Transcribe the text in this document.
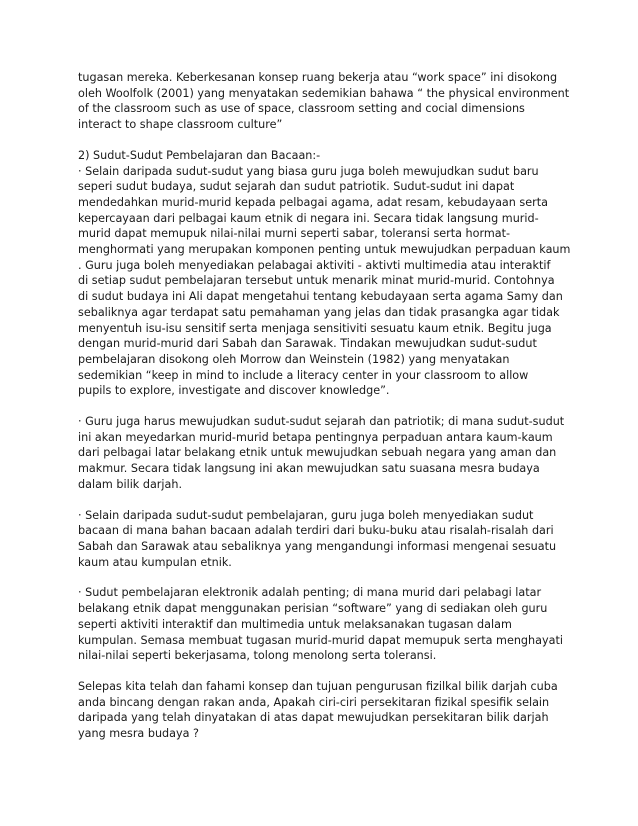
tugasan mereka. Keberkesanan konsep ruang bekerja atau “work space” ini disokong
oleh Woolfolk (2001) yang menyatakan sedemikian bahawa “ the physical environment
of the classroom such as use of space, classroom setting and cocial dimensions
interact to shape classroom culture”
2) Sudut-Sudut Pembelajaran dan Bacaan:-
· Selain daripada sudut-sudut yang biasa guru juga boleh mewujudkan sudut baru
seperi sudut budaya, sudut sejarah dan sudut patriotik. Sudut-sudut ini dapat
mendedahkan murid-murid kepada pelbagai agama, adat resam, kebudayaan serta
kepercayaan dari pelbagai kaum etnik di negara ini. Secara tidak langsung murid-
murid dapat memupuk nilai-nilai murni seperti sabar, toleransi serta hormat-
menghormati yang merupakan komponen penting untuk mewujudkan perpaduan kaum
. Guru juga boleh menyediakan pelabagai aktiviti - aktivti multimedia atau interaktif
di setiap sudut pembelajaran tersebut untuk menarik minat murid-murid. Contohnya
di sudut budaya ini Ali dapat mengetahui tentang kebudayaan serta agama Samy dan
sebaliknya agar terdapat satu pemahaman yang jelas dan tidak prasangka agar tidak
menyentuh isu-isu sensitif serta menjaga sensitiviti sesuatu kaum etnik. Begitu juga
dengan murid-murid dari Sabah dan Sarawak. Tindakan mewujudkan sudut-sudut
pembelajaran disokong oleh Morrow dan Weinstein (1982) yang menyatakan
sedemikian “keep in mind to include a literacy center in your classroom to allow
pupils to explore, investigate and discover knowledge”.
· Guru juga harus mewujudkan sudut-sudut sejarah dan patriotik; di mana sudut-sudut
ini akan meyedarkan murid-murid betapa pentingnya perpaduan antara kaum-kaum
dari pelbagai latar belakang etnik untuk mewujudkan sebuah negara yang aman dan
makmur. Secara tidak langsung ini akan mewujudkan satu suasana mesra budaya
dalam bilik darjah.
· Selain daripada sudut-sudut pembelajaran, guru juga boleh menyediakan sudut
bacaan di mana bahan bacaan adalah terdiri dari buku-buku atau risalah-risalah dari
Sabah dan Sarawak atau sebaliknya yang mengandungi informasi mengenai sesuatu
kaum atau kumpulan etnik.
· Sudut pembelajaran elektronik adalah penting; di mana murid dari pelabagi latar
belakang etnik dapat menggunakan perisian “software” yang di sediakan oleh guru
seperti aktiviti interaktif dan multimedia untuk melaksanakan tugasan dalam
kumpulan. Semasa membuat tugasan murid-murid dapat memupuk serta menghayati
nilai-nilai seperti bekerjasama, tolong menolong serta toleransi.
Selepas kita telah dan fahami konsep dan tujuan pengurusan fizilkal bilik darjah cuba
anda bincang dengan rakan anda, Apakah ciri-ciri persekitaran fizikal spesifik selain
daripada yang telah dinyatakan di atas dapat mewujudkan persekitaran bilik darjah
yang mesra budaya ?
